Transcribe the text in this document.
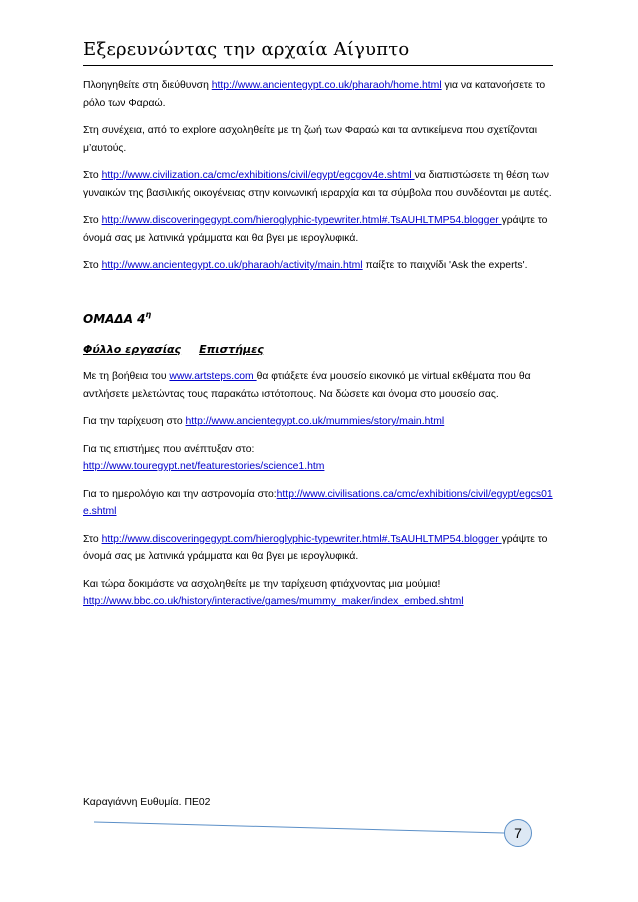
Εξερευνώντας την αρχαία Αίγυπτο

Πλοηγηθείτε στη διεύθυνση http://www.ancientegypt.co.uk/pharaoh/home.html για να κατανοήσετε το ρόλο των Φαραώ.

Στη συνέχεια, από το explore ασχοληθείτε με τη ζωή των Φαραώ και τα αντικείμενα που σχετίζονται μ’αυτούς.

Στο http://www.civilization.ca/cmc/exhibitions/civil/egypt/egcgov4e.shtml να διαπιστώσετε τη θέση των γυναικών της βασιλικής οικογένειας στην κοινωνική ιεραρχία και τα σύμβολα που συνδέονται με αυτές.

Στο http://www.discoveringegypt.com/hieroglyphic-typewriter.html#.TsAUHLTMP54.blogger γράψτε το όνομά σας με λατινικά γράμματα και θα βγει με ιερογλυφικά.

Στο http://www.ancientegypt.co.uk/pharaoh/activity/main.html παίξτε το παιχνίδι 'Ask the experts'.

ΟΜΑΔΑ $4^\eta$

Φύλλο εργασίας Επιστήμες

Με τη βοήθεια του www.artsteps.com θα φτιάξετε ένα μουσείο εικονικό με virtual εκθέματα που θα αντλήσετε μελετώντας τους παρακάτω ιστότοπους. Να δώσετε και όνομα στο μουσείο σας.

Για την ταρίχευση στο http://www.ancientegypt.co.uk/mummies/story/main.html

Για τις επιστήμες που ανέπτυξαν στο:
http://www.touregypt.net/featurestories/science1.htm

Για το ημερολόγιο και την αστρονομία στο:http://www.civilisations.ca/cmc/exhibitions/civil/egypt/egcs01e.shtml

Στο http://www.discoveringegypt.com/hieroglyphic-typewriter.html#.TsAUHLTMP54.blogger γράψτε το όνομά σας με λατινικά γράμματα και θα βγει με ιερογλυφικά.

Και τώρα δοκιμάστε να ασχοληθείτε με την ταρίχευση φτιάχνοντας μια μούμια!
http://www.bbc.co.uk/history/interactive/games/mummy_maker/index_embed.shtml

Καραγιάννη Ευθυμία. ΠΕ02
7
